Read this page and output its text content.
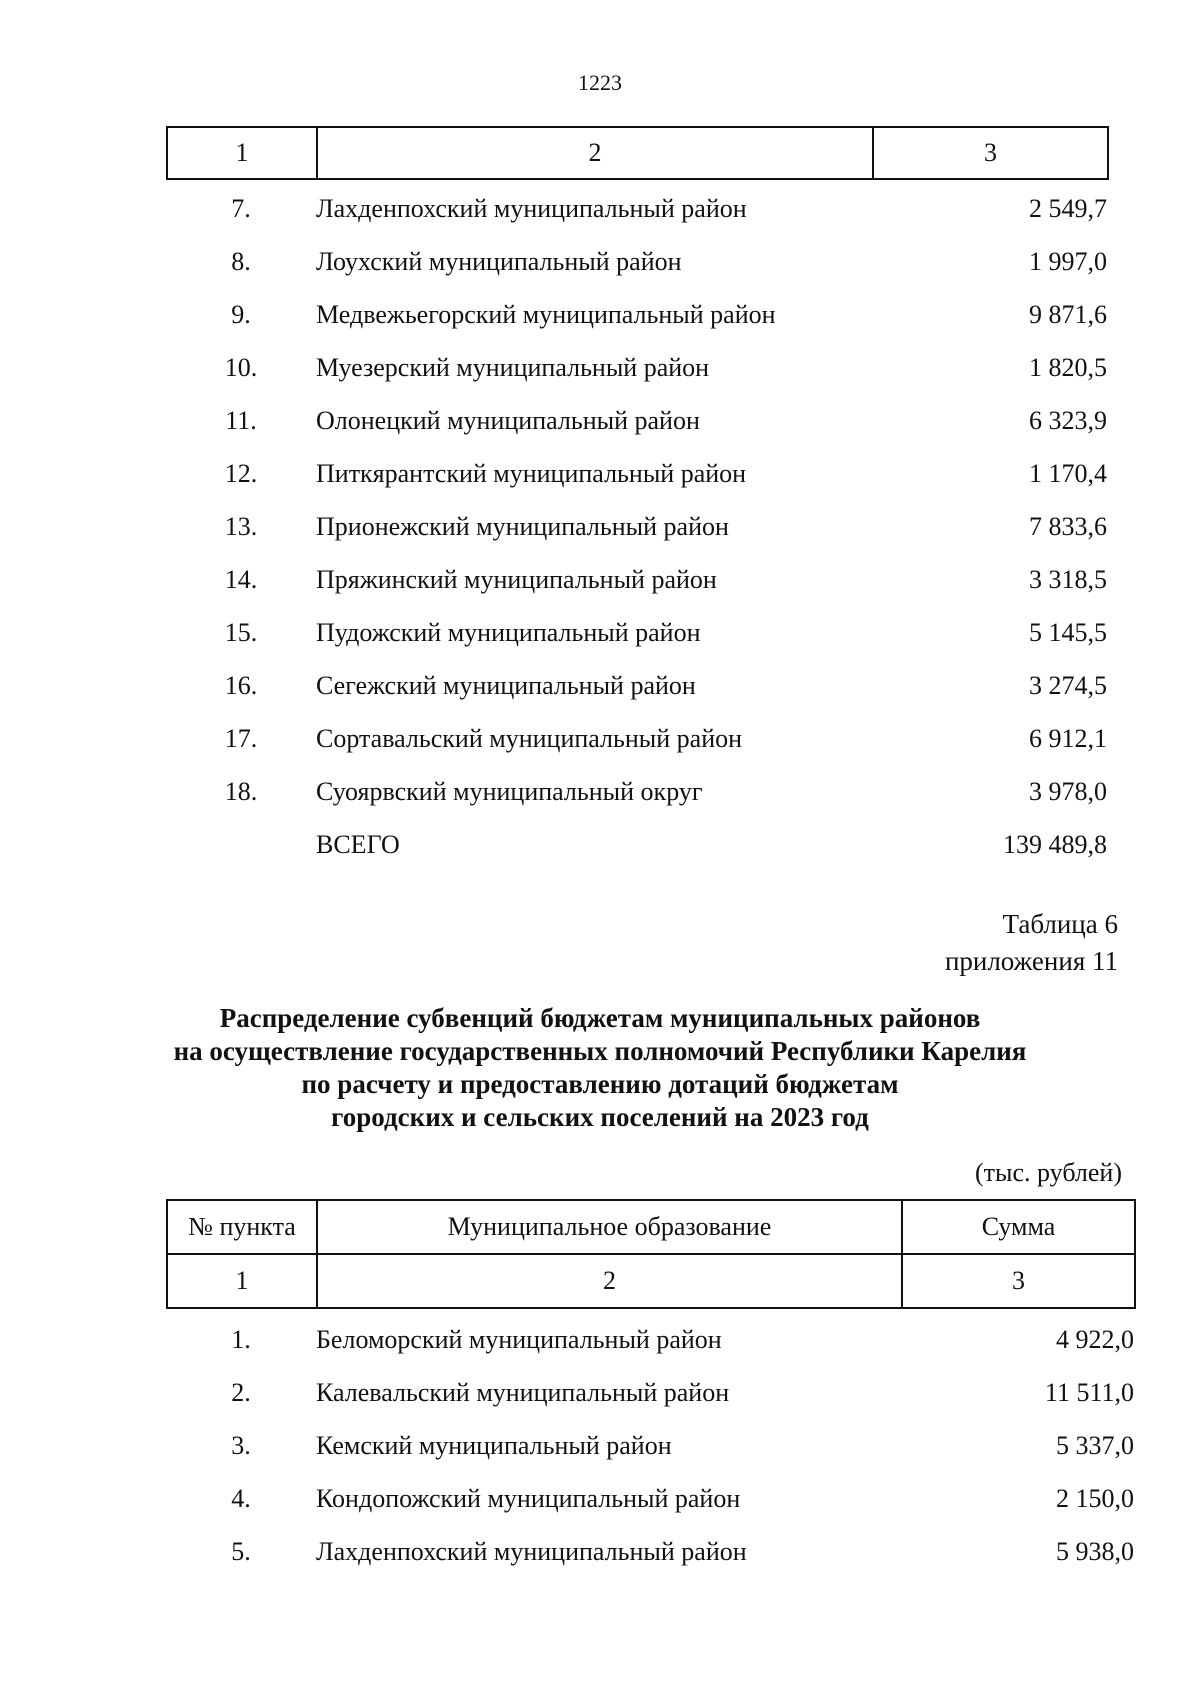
1223
1	2	3
7.	Лахденпохский муниципальный район	2 549,7
8.	Лоухский муниципальный район	1 997,0
9.	Медвежьегорский муниципальный район	9 871,6
10.	Муезерский муниципальный район	1 820,5
11.	Олонецкий муниципальный район	6 323,9
12.	Питкярантский муниципальный район	1 170,4
13.	Прионежский муниципальный район	7 833,6
14.	Пряжинский муниципальный район	3 318,5
15.	Пудожский муниципальный район	5 145,5
16.	Сегежский муниципальный район	3 274,5
17.	Сортавальский муниципальный район	6 912,1
18.	Суоярвский муниципальный округ	3 978,0
	ВСЕГО	139 489,8
Таблица 6
приложения 11
Распределение субвенций бюджетам муниципальных районов
на осуществление государственных полномочий Республики Карелия
по расчету и предоставлению дотаций бюджетам
городских и сельских поселений на 2023 год
(тыс. рублей)
№ пункта	Муниципальное образование	Сумма
1	2	3
1.	Беломорский муниципальный район	4 922,0
2.	Калевальский муниципальный район	11 511,0
3.	Кемский муниципальный район	5 337,0
4.	Кондопожский муниципальный район	2 150,0
5.	Лахденпохский муниципальный район	5 938,0
